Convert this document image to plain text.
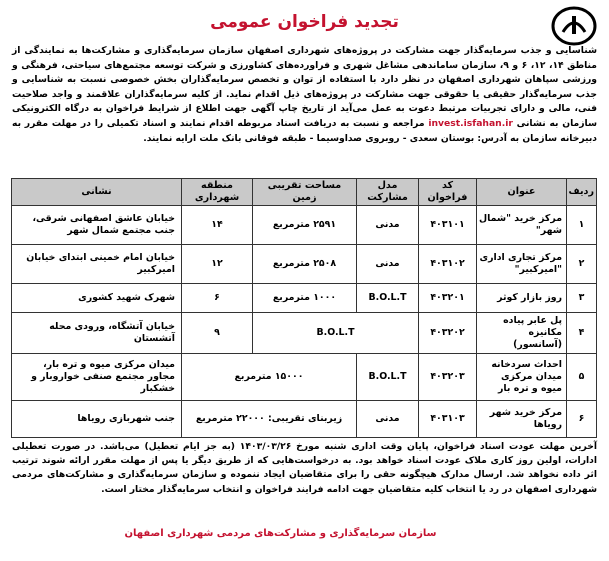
تجدید فراخوان عمومی
شناسایی و جذب سرمایه‌گذار جهت مشارکت در پروژه‌های شهرداری اصفهان سازمان سرمایه‌گذاری و مشارکت‌ها به نمایندگی از مناطق ۱۴، ۱۲، ۶ و ۹، سازمان ساماندهی مشاغل شهری و فراورده‌های کشاورزی و شرکت توسعه مجتمع‌های سیاحتی، فرهنگی و ورزشی سپاهان شهرداری اصفهان در نظر دارد با استفاده از توان و تخصص سرمایه‌گذاران بخش خصوصی نسبت به شناسایی و جذب سرمایه‌گذار حقیقی یا حقوقی جهت مشارکت در پروژه‌های ذیل اقدام نماید. از کلیه سرمایه‌گذاران علاقمند و واجد صلاحیت فنی، مالی و دارای تجربیات مرتبط دعوت به عمل می‌آید از تاریخ چاپ آگهی جهت اطلاع از شرایط فراخوان به درگاه الکترونیکی سازمان به نشانی invest.isfahan.ir مراجعه و نسبت به دریافت اسناد مربوطه اقدام نمایند و اسناد تکمیلی را در مهلت مقرر به دبیرخانه سازمان به آدرس: بوستان سعدی - روبروی صداوسیما - طبقه فوقانی بانک ملت ارایه نمایند.
ردیف	عنوان	کد فراخوان	مدل مشارکت	مساحت تقریبی زمین	منطقه شهرداری	نشانی
۱	مرکز خرید "شمال شهر"	۴۰۳۱۰۱	مدنی	۲۵۹۱ مترمربع	۱۴	خیابان عاشق اصفهانی شرقی، جنب مجتمع شمال شهر
۲	مرکز تجاری اداری "امیرکبیر"	۴۰۳۱۰۲	مدنی	۲۵۰۸ مترمربع	۱۲	خیابان امام خمینی ابتدای خیابان امیرکبیر
۳	روز بازار کوثر	۴۰۳۲۰۱	B.O.L.T	۱۰۰۰ مترمربع	۶	شهرک شهید کشوری
۴	پل عابر پیاده مکانیزه (آسانسور)	۴۰۳۲۰۲	B.O.L.T		۹	خیابان آتشگاه، ورودی محله آتشستان
۵	احداث سردخانه میدان مرکزی میوه و تره بار	۴۰۳۲۰۳	B.O.L.T	۱۵۰۰۰ مترمربع		میدان مرکزی میوه و تره بار، مجاور مجتمع صنفی خواروبار و خشکبار
۶	مرکز خرید شهر رویاها	۴۰۳۱۰۳	مدنی	زیربنای تقریبی: ۲۲۰۰۰ مترمربع		جنب شهربازی رویاها
آخرین مهلت عودت اسناد فراخوان، پایان وقت اداری شنبه مورخ ۱۴۰۳/۰۳/۲۶ (به جز ایام تعطیل) می‌باشد. در صورت تعطیلی ادارات، اولین روز کاری ملاک عودت اسناد خواهد بود. به درخواست‌هایی که از طریق دیگر یا پس از مهلت مقرر ارائه شوند ترتیب اثر داده نخواهد شد. ارسال مدارک هیچگونه حقی را برای متقاضیان ایجاد ننموده و سازمان سرمایه‌گذاری و مشارکت‌های مردمی شهرداری اصفهان در رد یا انتخاب کلیه متقاضیان جهت ادامه فرایند فراخوان و انتخاب سرمایه‌گذار مختار است.
سازمان سرمایه‌گذاری و مشارکت‌های مردمی شهرداری اصفهان
